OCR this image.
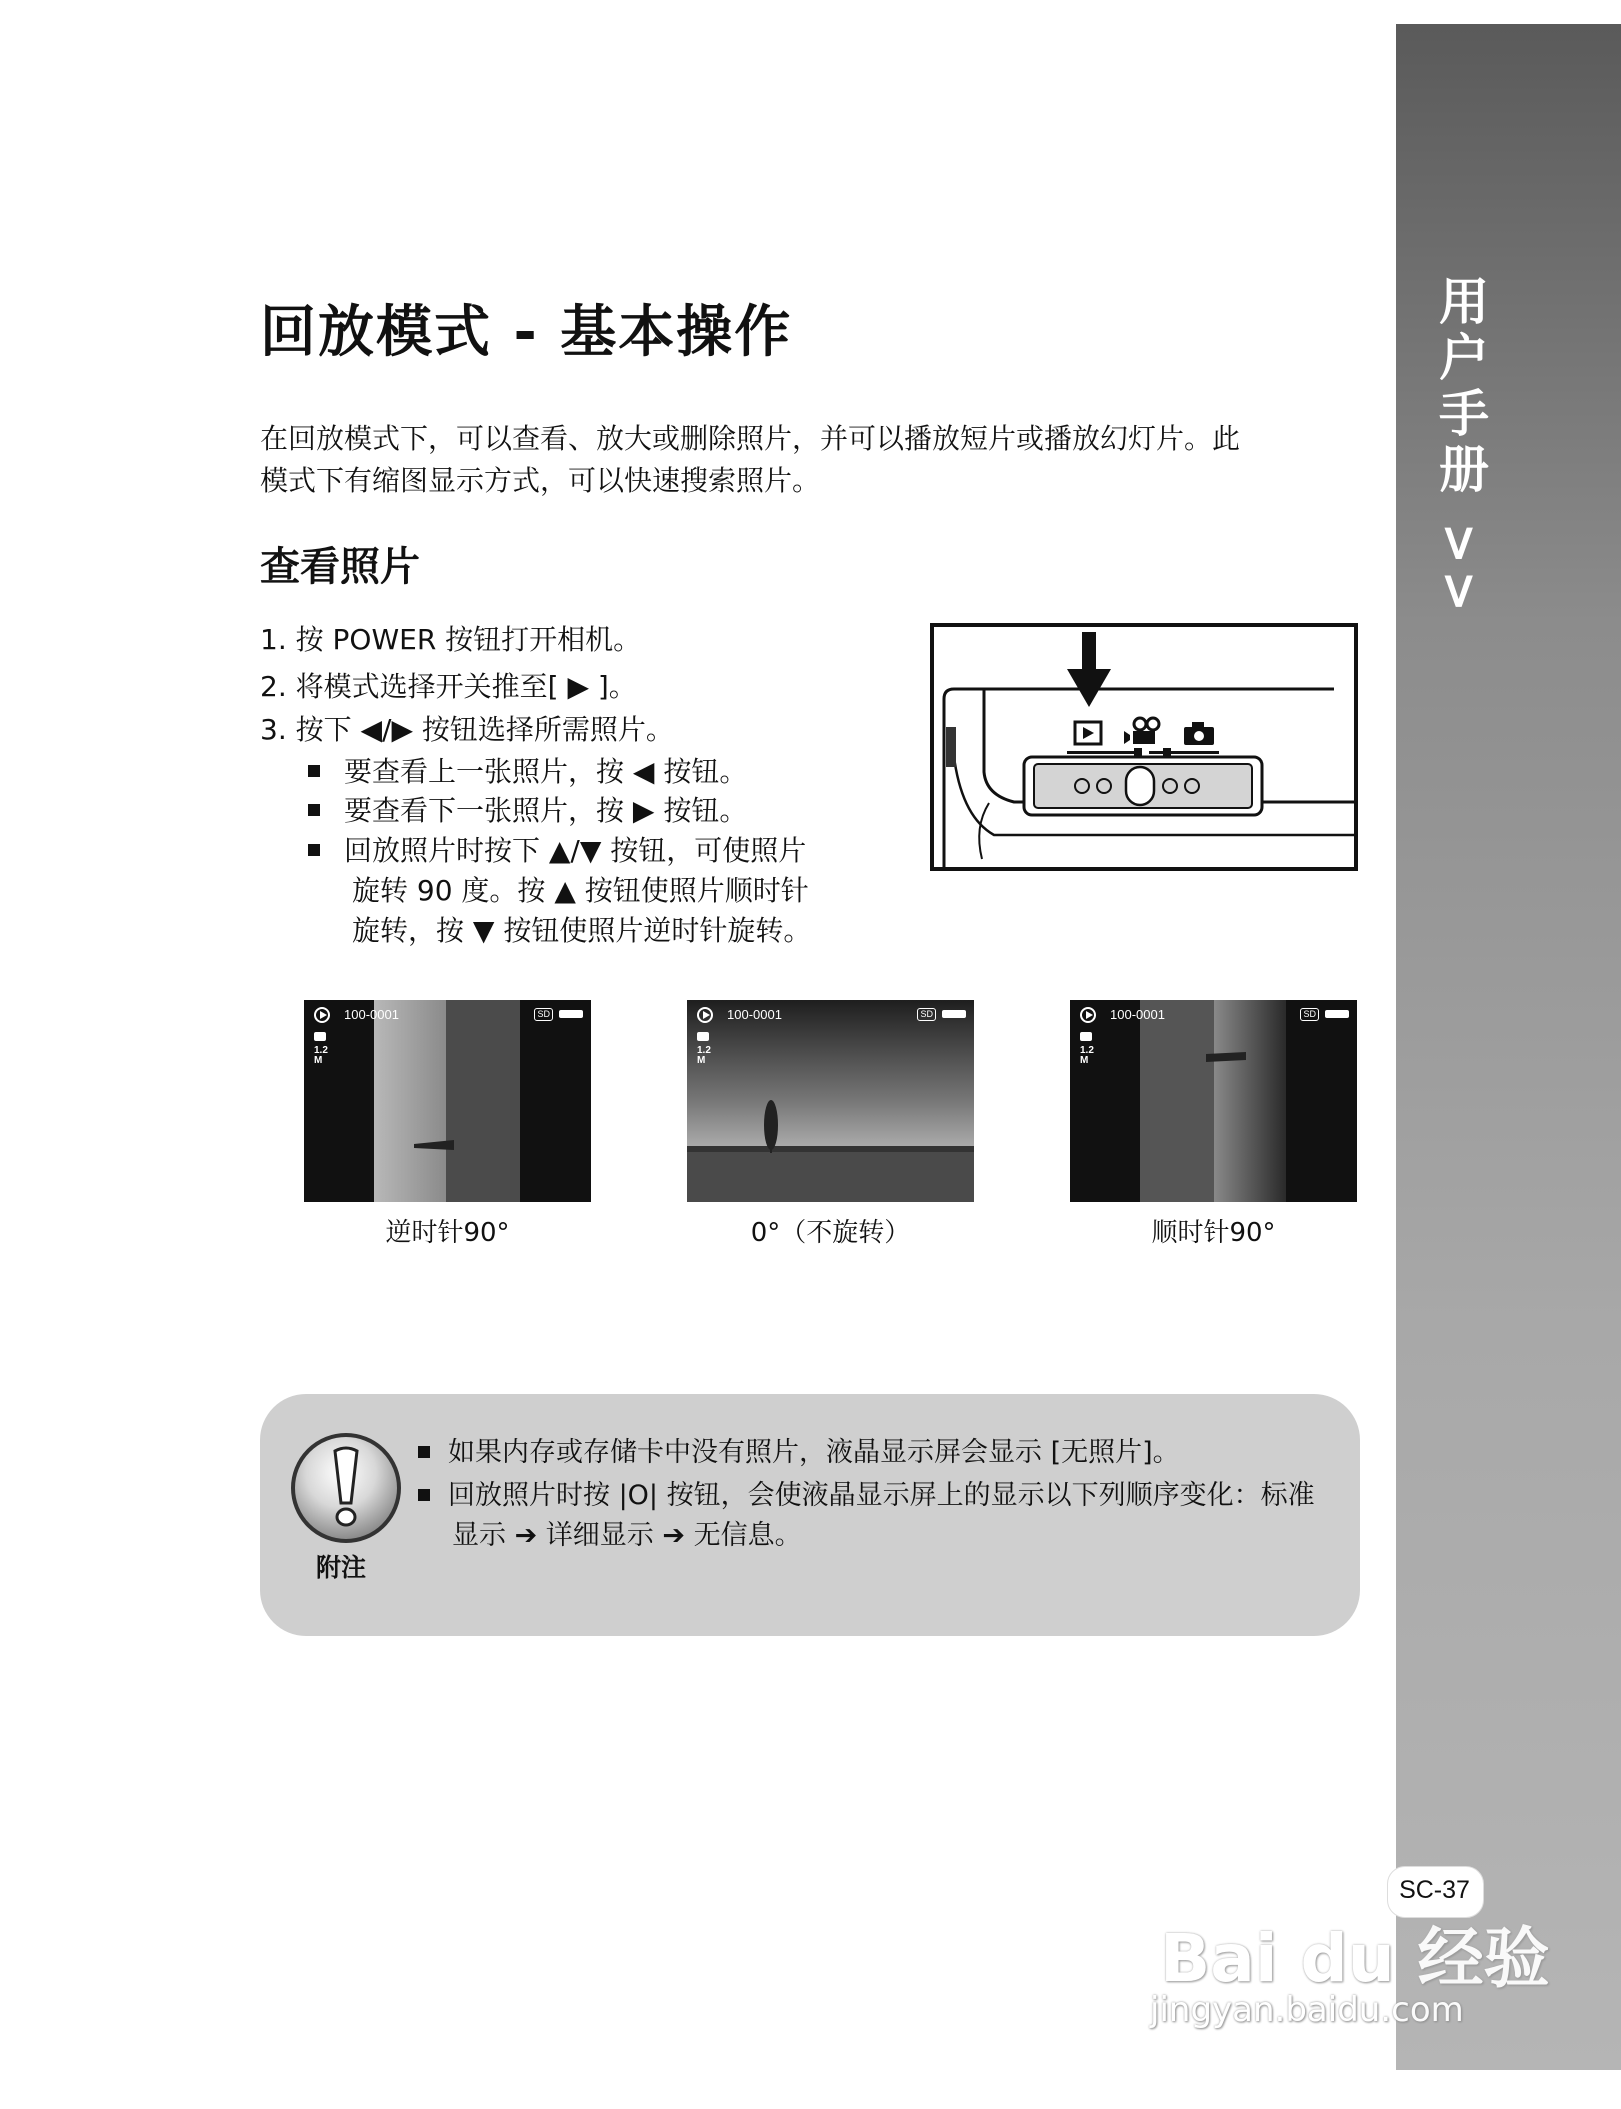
用户手册 >>
回放模式 - 基本操作
在回放模式下，可以查看、放大或删除照片，并可以播放短片或播放幻灯片。此
模式下有缩图显示方式，可以快速搜索照片。
查看照片
1. 按 POWER 按钮打开相机。
2. 将模式选择开关推至[ ▶ ]。
3. 按下 ◀/▶ 按钮选择所需照片。
要查看上一张照片，按 ◀ 按钮。
要查看下一张照片，按 ▶ 按钮。
回放照片时按下 ▲/▼ 按钮，可使照片
旋转 90 度。按 ▲ 按钮使照片顺时针
旋转，按 ▼ 按钮使照片逆时针旋转。
100-0001	SD
1.2
M
100-0001	SD
1.2
M
100-0001	SD
1.2
M
逆时针90°	0°（不旋转）	顺时针90°
附注
如果内存或存储卡中没有照片，液晶显示屏会显示 [无照片]。
回放照片时按 |O| 按钮，会使液晶显示屏上的显示以下列顺序变化：标准
显示 ➔ 详细显示 ➔ 无信息。
SC-37
Bai du 经验
jingyan.baidu.com
